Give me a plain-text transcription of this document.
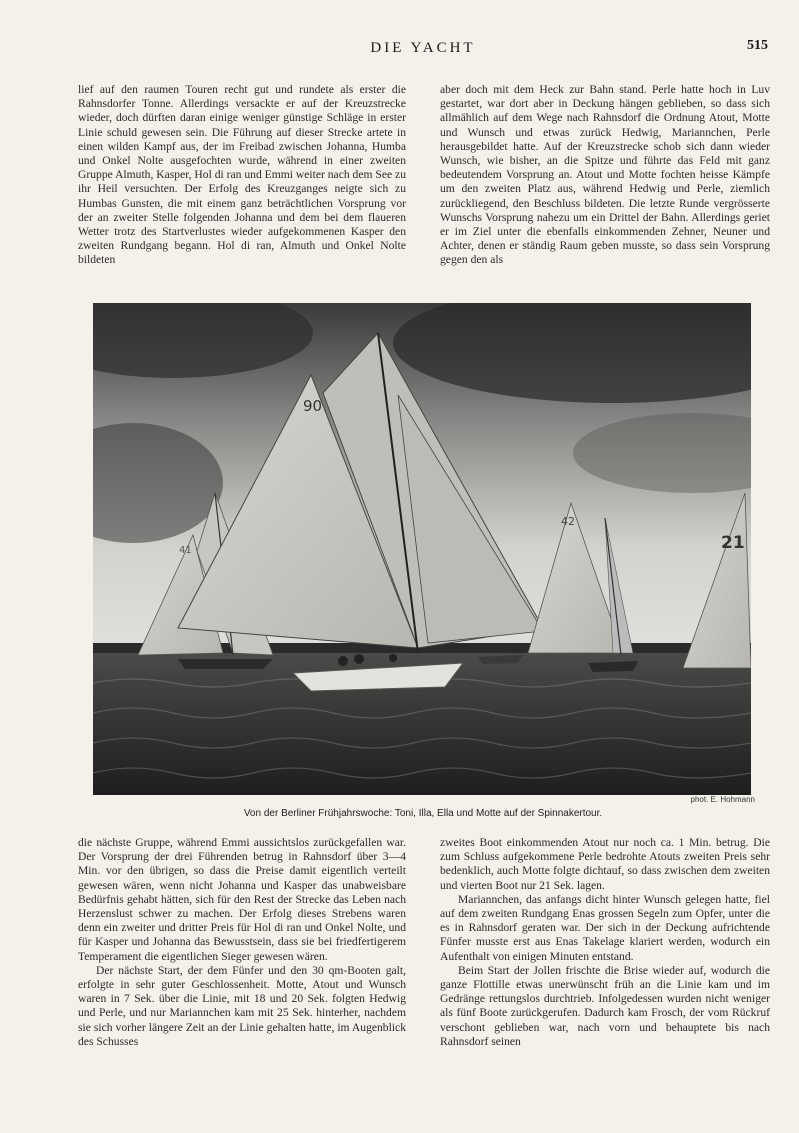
DIE YACHT	515

lief auf den raumen Touren recht gut und rundete als erster die Rahnsdorfer Tonne. Allerdings versackte er auf der Kreuzstrecke wieder, doch dürften daran einige weniger günstige Schläge in erster Linie schuld gewesen sein. Die Führung auf dieser Strecke artete in einen wilden Kampf aus, der im Freibad zwischen Johanna, Humba und Onkel Nolte ausgefochten wurde, während in einer zweiten Gruppe Almuth, Kasper, Hol di ran und Emmi weiter nach dem See zu ihr Heil versuchten. Der Erfolg des Kreuzganges neigte sich zu Humbas Gunsten, die mit einem ganz beträchtlichen Vorsprung vor der an zweiter Stelle folgenden Johanna und dem bei dem flaueren Wetter trotz des Startverlustes wieder aufgekommenen Kasper den zweiten Rundgang begann. Hol di ran, Almuth und Onkel Nolte bildeten

aber doch mit dem Heck zur Bahn stand. Perle hatte hoch in Luv gestartet, war dort aber in Deckung hängen geblieben, so dass sich allmählich auf dem Wege nach Rahnsdorf die Ordnung Atout, Motte und Wunsch und etwas zurück Hedwig, Mariannchen, Perle herausgebildet hatte. Auf der Kreuzstrecke schob sich dann wieder Wunsch, wie bisher, an die Spitze und führte das Feld mit ganz bedeutendem Vorsprung an. Atout und Motte fochten heisse Kämpfe um den zweiten Platz aus, während Hedwig und Perle, ziemlich zurückliegend, den Beschluss bildeten. Die letzte Runde vergrösserte Wunschs Vorsprung nahezu um ein Drittel der Bahn. Allerdings geriet er im Ziel unter die ebenfalls einkommenden Zehner, Neuner und Achter, denen er ständig Raum geben musste, so dass sein Vorsprung gegen den als

41
90
42
21
phot. E. Hohmann
Von der Berliner Frühjahrswoche: Toni, Illa, Ella und Motte auf der Spinnakertour.

die nächste Gruppe, während Emmi aussichtslos zurückgefallen war. Der Vorsprung der drei Führenden betrug in Rahnsdorf über 3—4 Min. vor den übrigen, so dass die Preise damit eigentlich verteilt gewesen wären, wenn nicht Johanna und Kasper das unabweisbare Bedürfnis gehabt hätten, sich für den Rest der Strecke das Leben nach Herzenslust schwer zu machen. Der Erfolg dieses Strebens waren denn ein zweiter und dritter Preis für Hol di ran und Onkel Nolte, und für Kasper und Johanna das Bewusstsein, dass sie bei friedfertigerem Temperament die eigentlichen Sieger gewesen wären.

Der nächste Start, der dem Fünfer und den 30 qm-Booten galt, erfolgte in sehr guter Geschlossenheit. Motte, Atout und Wunsch waren in 7 Sek. über die Linie, mit 18 und 20 Sek. folgten Hedwig und Perle, und nur Mariannchen kam mit 25 Sek. hinterher, nachdem sie sich vorher längere Zeit an der Linie gehalten hatte, im Augenblick des Schusses

zweites Boot einkommenden Atout nur noch ca. 1 Min. betrug. Die zum Schluss aufgekommene Perle bedrohte Atouts zweiten Preis sehr bedenklich, auch Motte folgte dichtauf, so dass zwischen dem zweiten und vierten Boot nur 21 Sek. lagen.

Mariannchen, das anfangs dicht hinter Wunsch gelegen hatte, fiel auf dem zweiten Rundgang Enas grossen Segeln zum Opfer, unter die es in Rahnsdorf geraten war. Der sich in der Deckung aufrichtende Fünfer musste erst aus Enas Takelage klariert werden, wodurch ein Aufenthalt von einigen Minuten entstand.

Beim Start der Jollen frischte die Brise wieder auf, wodurch die ganze Flottille etwas unerwünscht früh an die Linie kam und im Gedränge rettungslos durchtrieb. Infolgedessen wurden nicht weniger als fünf Boote zurückgerufen. Dadurch kam Frosch, der vom Rückruf verschont geblieben war, nach vorn und behauptete bis nach Rahnsdorf seinen
